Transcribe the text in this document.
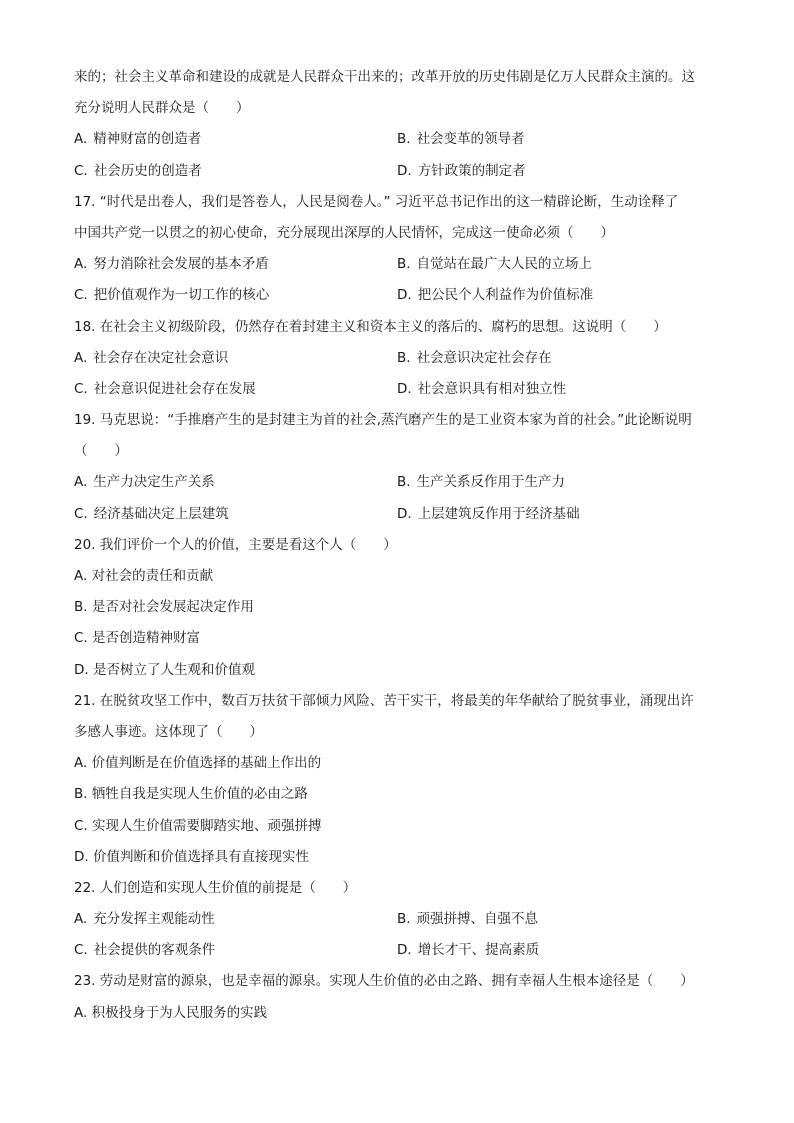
来的；社会主义革命和建设的成就是人民群众干出来的；改革开放的历史伟剧是亿万人民群众主演的。这
充分说明人民群众是（　　）
A. 精神财富的创造者	B. 社会变革的领导者
C. 社会历史的创造者	D. 方针政策的制定者
17. “时代是出卷人，我们是答卷人，人民是阅卷人。” 习近平总书记作出的这一精辟论断，生动诠释了
中国共产党一以贯之的初心使命，充分展现出深厚的人民情怀，完成这一使命必须（　　）
A. 努力消除社会发展的基本矛盾	B. 自觉站在最广大人民的立场上
C. 把价值观作为一切工作的核心	D. 把公民个人利益作为价值标准
18. 在社会主义初级阶段，仍然存在着封建主义和资本主义的落后的、腐朽的思想。这说明（　　）
A. 社会存在决定社会意识	B. 社会意识决定社会存在
C. 社会意识促进社会存在发展	D. 社会意识具有相对独立性
19. 马克思说：“手推磨产生的是封建主为首的社会,蒸汽磨产生的是工业资本家为首的社会。”此论断说明
（　　）
A. 生产力决定生产关系	B. 生产关系反作用于生产力
C. 经济基础决定上层建筑	D. 上层建筑反作用于经济基础
20. 我们评价一个人的价值，主要是看这个人（　　）
A. 对社会的责任和贡献
B. 是否对社会发展起决定作用
C. 是否创造精神财富
D. 是否树立了人生观和价值观
21. 在脱贫攻坚工作中，数百万扶贫干部倾力风险、苦干实干，将最美的年华献给了脱贫事业，涌现出许
多感人事迹。这体现了（　　）
A. 价值判断是在价值选择的基础上作出的
B. 牺牲自我是实现人生价值的必由之路
C. 实现人生价值需要脚踏实地、顽强拼搏
D. 价值判断和价值选择具有直接现实性
22. 人们创造和实现人生价值的前提是（　　）
A. 充分发挥主观能动性	B. 顽强拼搏、自强不息
C. 社会提供的客观条件	D. 增长才干、提高素质
23. 劳动是财富的源泉，也是幸福的源泉。实现人生价值的必由之路、拥有幸福人生根本途径是（　　）
A. 积极投身于为人民服务的实践
